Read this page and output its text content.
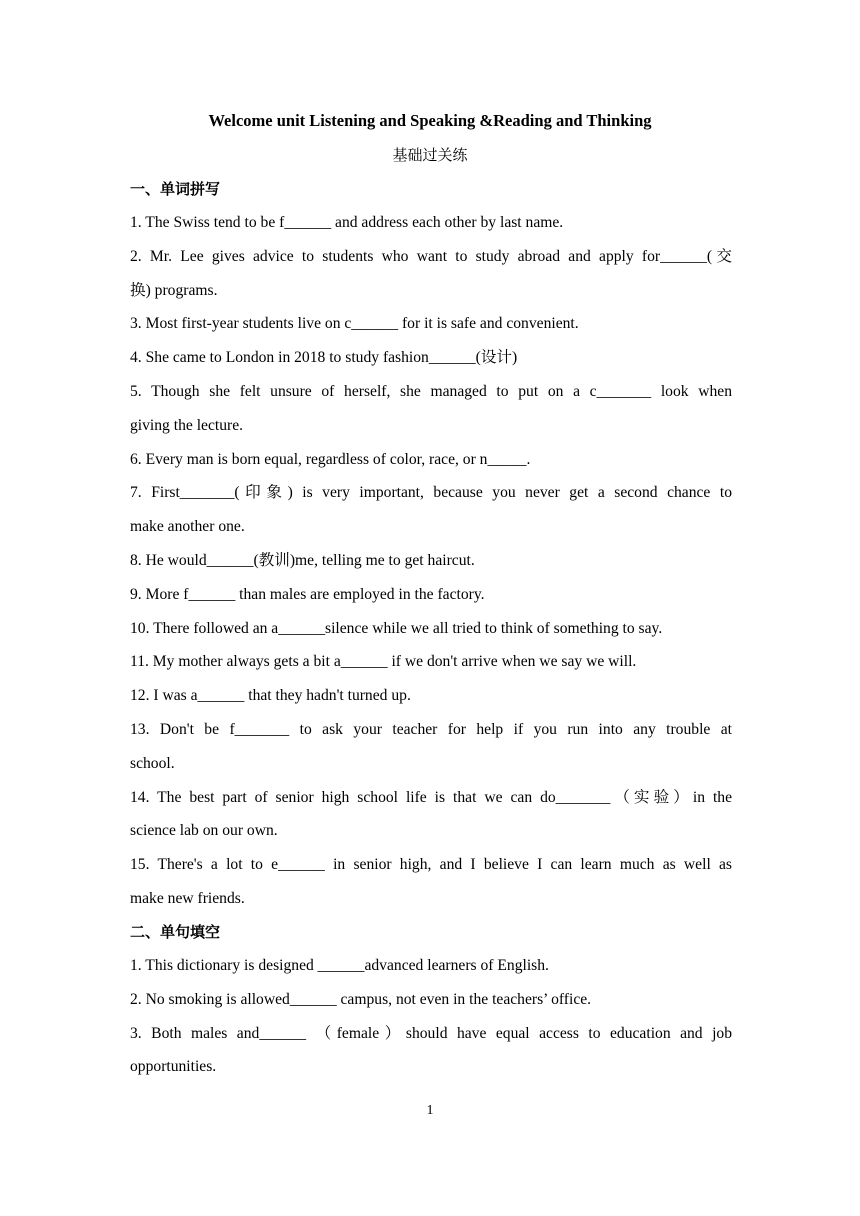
Welcome unit Listening and Speaking &Reading and Thinking
基础过关练
一、单词拼写
1. The Swiss tend to be f______ and address each other by last name.
2. Mr. Lee gives advice to students who want to study abroad and apply for______(交
换) programs.
3. Most first-year students live on c______ for it is safe and convenient.
4. She came to London in 2018 to study fashion______(设计)
5. Though she felt unsure of herself, she managed to put on a c_______ look when
giving the lecture.
6. Every man is born equal, regardless of color, race, or n_____.
7. First_______(印象) is very important, because you never get a second chance to
make another one.
8. He would______(教训)me, telling me to get haircut.
9. More f______ than males are employed in the factory.
10. There followed an a______silence while we all tried to think of something to say.
11. My mother always gets a bit a______ if we don't arrive when we say we will.
12. I was a______ that they hadn't turned up.
13. Don't be f_______ to ask your teacher for help if you run into any trouble at
school.
14. The best part of senior high school life is that we can do_______（实验）in the
science lab on our own.
15. There's a lot to e______ in senior high, and I believe I can learn much as well as
make new friends.
二、单句填空
1. This dictionary is designed ______advanced learners of English.
2. No smoking is allowed______ campus, not even in the teachers’ office.
3. Both males and______ （female）should have equal access to education and job
opportunities.
1
